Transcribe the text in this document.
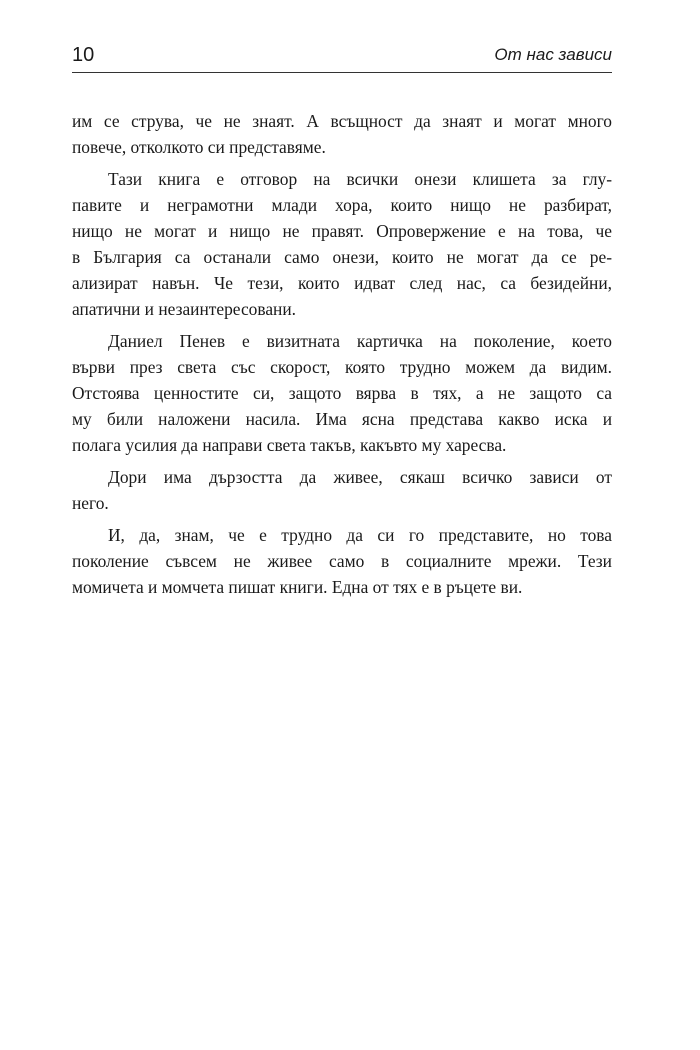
10	От нас зависи

им се струва, че не знаят. А всъщност да знаят и могат много
повече, отколкото си представяме.

Тази книга е отговор на всички онези клишета за глу-
павите и неграмотни млади хора, които нищо не разбират,
нищо не могат и нищо не правят. Опровержение е на това, че
в България са останали само онези, които не могат да се ре-
ализират навън. Че тези, които идват след нас, са безидейни,
апатични и незаинтересовани.

Даниел Пенев е визитната картичка на поколение, което
върви през света със скорост, която трудно можем да видим.
Отстоява ценностите си, защото вярва в тях, а не защото са
му били наложени насила. Има ясна представа какво иска и
полага усилия да направи света такъв, какъвто му харесва.

Дори има дързостта да живее, сякаш всичко зависи от
него.

И, да, знам, че е трудно да си го представите, но това
поколение съвсем не живее само в социалните мрежи. Тези
момичета и момчета пишат книги. Една от тях е в ръцете ви.
